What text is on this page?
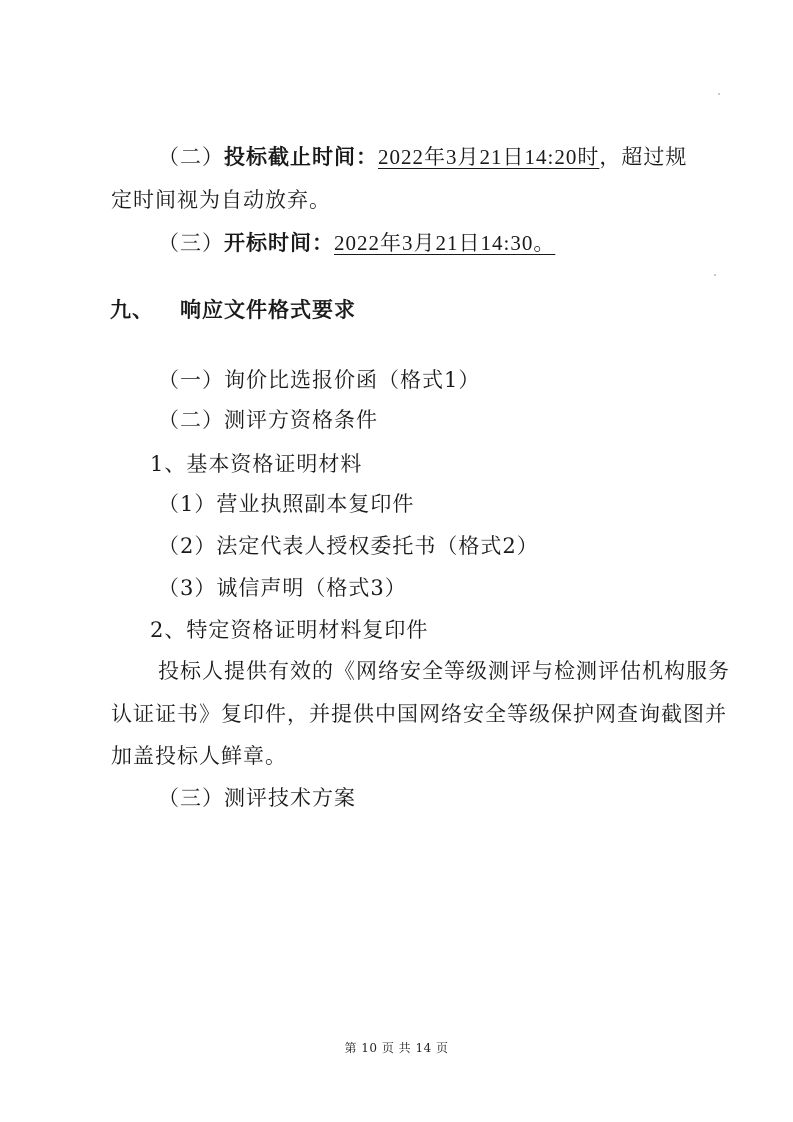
（二）投标截止时间：2022年3月21日14:20时，超过规
定时间视为自动放弃。
（三）开标时间：2022年3月21日14:30。
九、 响应文件格式要求
（一）询价比选报价函（格式1）
（二）测评方资格条件
1、基本资格证明材料
（1）营业执照副本复印件
（2）法定代表人授权委托书（格式2）
（3）诚信声明（格式3）
2、特定资格证明材料复印件
投标人提供有效的《网络安全等级测评与检测评估机构服务
认证证书》复印件，并提供中国网络安全等级保护网查询截图并
加盖投标人鲜章。
（三）测评技术方案
第 10 页 共 14 页
